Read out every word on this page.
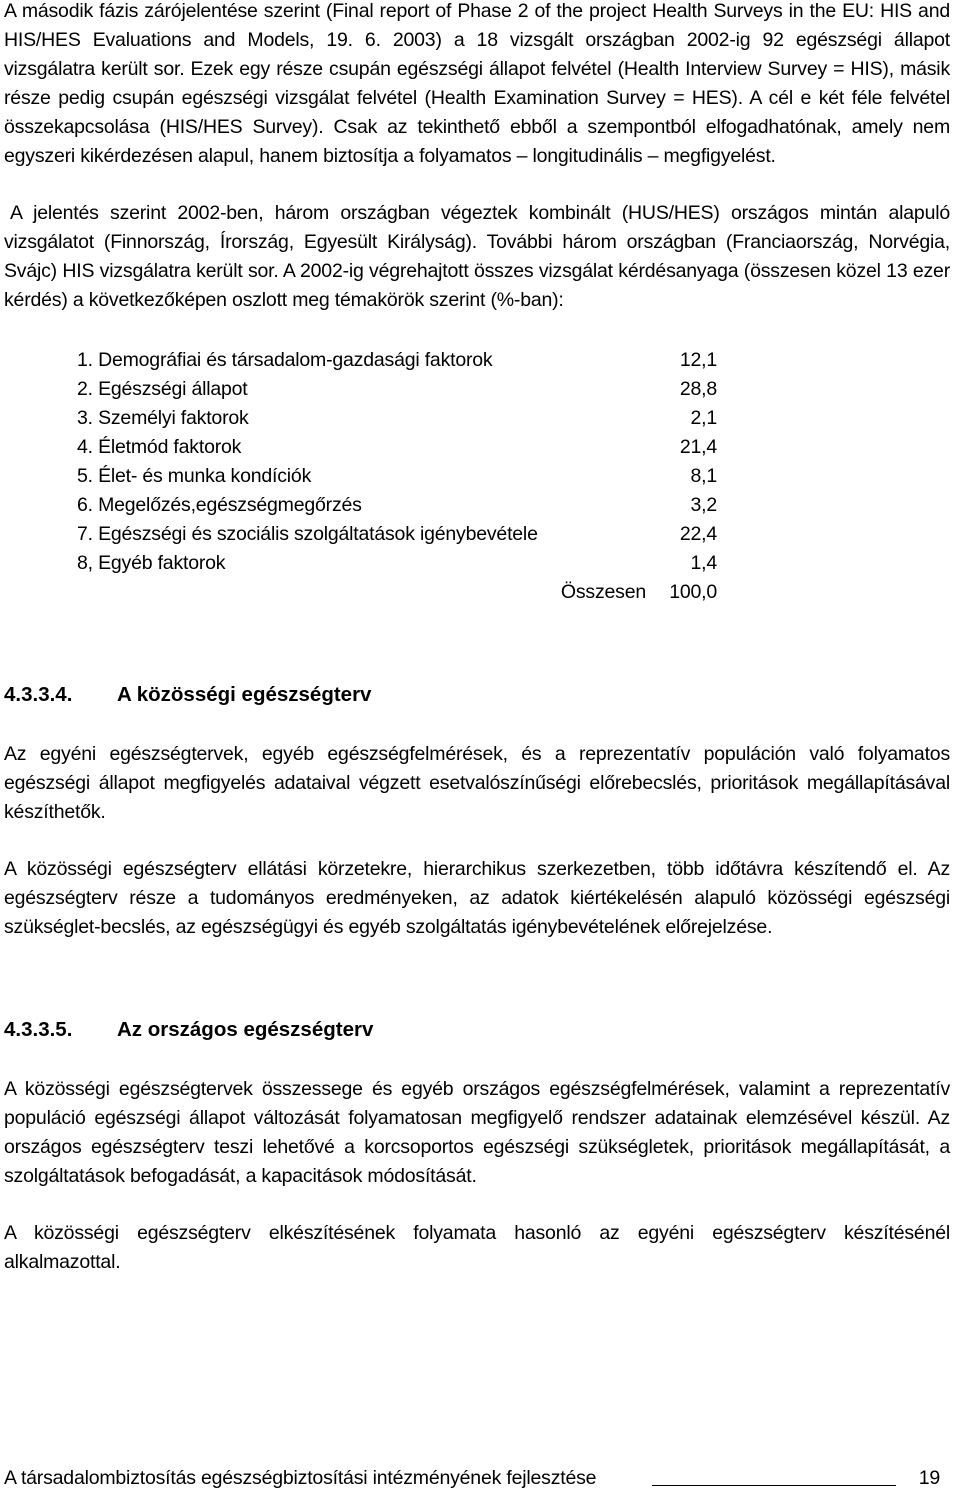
A második fázis zárójelentése szerint (Final report of Phase 2 of the project Health Surveys in the EU: HIS and HIS/HES Evaluations and Models, 19. 6. 2003) a 18 vizsgált országban 2002-ig 92 egészségi állapot vizsgálatra került sor. Ezek egy része csupán egészségi állapot felvétel (Health Interview Survey = HIS), másik része pedig csupán egészségi vizsgálat felvétel (Health Examination Survey = HES). A cél e két féle felvétel összekapcsolása (HIS/HES Survey). Csak az tekinthető ebből a szempontból elfogadhatónak, amely nem egyszeri kikérdezésen alapul, hanem biztosítja a folyamatos – longitudinális – megfigyelést.

A jelentés szerint 2002-ben, három országban végeztek kombinált (HUS/HES) országos mintán alapuló vizsgálatot (Finnország, Írország, Egyesült Királyság). További három országban (Franciaország, Norvégia, Svájc) HIS vizsgálatra került sor. A 2002-ig végrehajtott összes vizsgálat kérdésanyaga (összesen közel 13 ezer kérdés) a következőképen oszlott meg témakörök szerint (%-ban):

1. Demográfiai és társadalom-gazdasági faktorok	12,1
2. Egészségi állapot	28,8
3. Személyi faktorok	2,1
4. Életmód faktorok	21,4
5. Élet- és munka kondíciók	8,1
6. Megelőzés,egészségmegőrzés	3,2
7. Egészségi és szociális szolgáltatások igénybevétele	22,4
8, Egyéb faktorok	1,4
Összesen	100,0
4.3.3.4.	A közösségi egészségterv

Az egyéni egészségtervek, egyéb egészségfelmérések, és a reprezentatív populáción való folyamatos egészségi állapot megfigyelés adataival végzett esetvalószínűségi előrebecslés, prioritások megállapításával készíthetők.

A közösségi egészségterv ellátási körzetekre, hierarchikus szerkezetben, több időtávra készítendő el. Az egészségterv része a tudományos eredményeken, az adatok kiértékelésén alapuló közösségi egészségi szükséglet-becslés, az egészségügyi és egyéb szolgáltatás igénybevételének előrejelzése.

4.3.3.5.	Az országos egészségterv

A közösségi egészségtervek összessege és egyéb országos egészségfelmérések, valamint a reprezentatív populáció egészségi állapot változását folyamatosan megfigyelő rendszer adatainak elemzésével készül. Az országos egészségterv teszi lehetővé a korcsoportos egészségi szükségletek, prioritások megállapítását, a szolgáltatások befogadását, a kapacitások módosítását.

A közösségi egészségterv elkészítésének folyamata hasonló az egyéni egészségterv készítésénél alkalmazottal.

A társadalombiztosítás egészségbiztosítási intézményének fejlesztése	19
